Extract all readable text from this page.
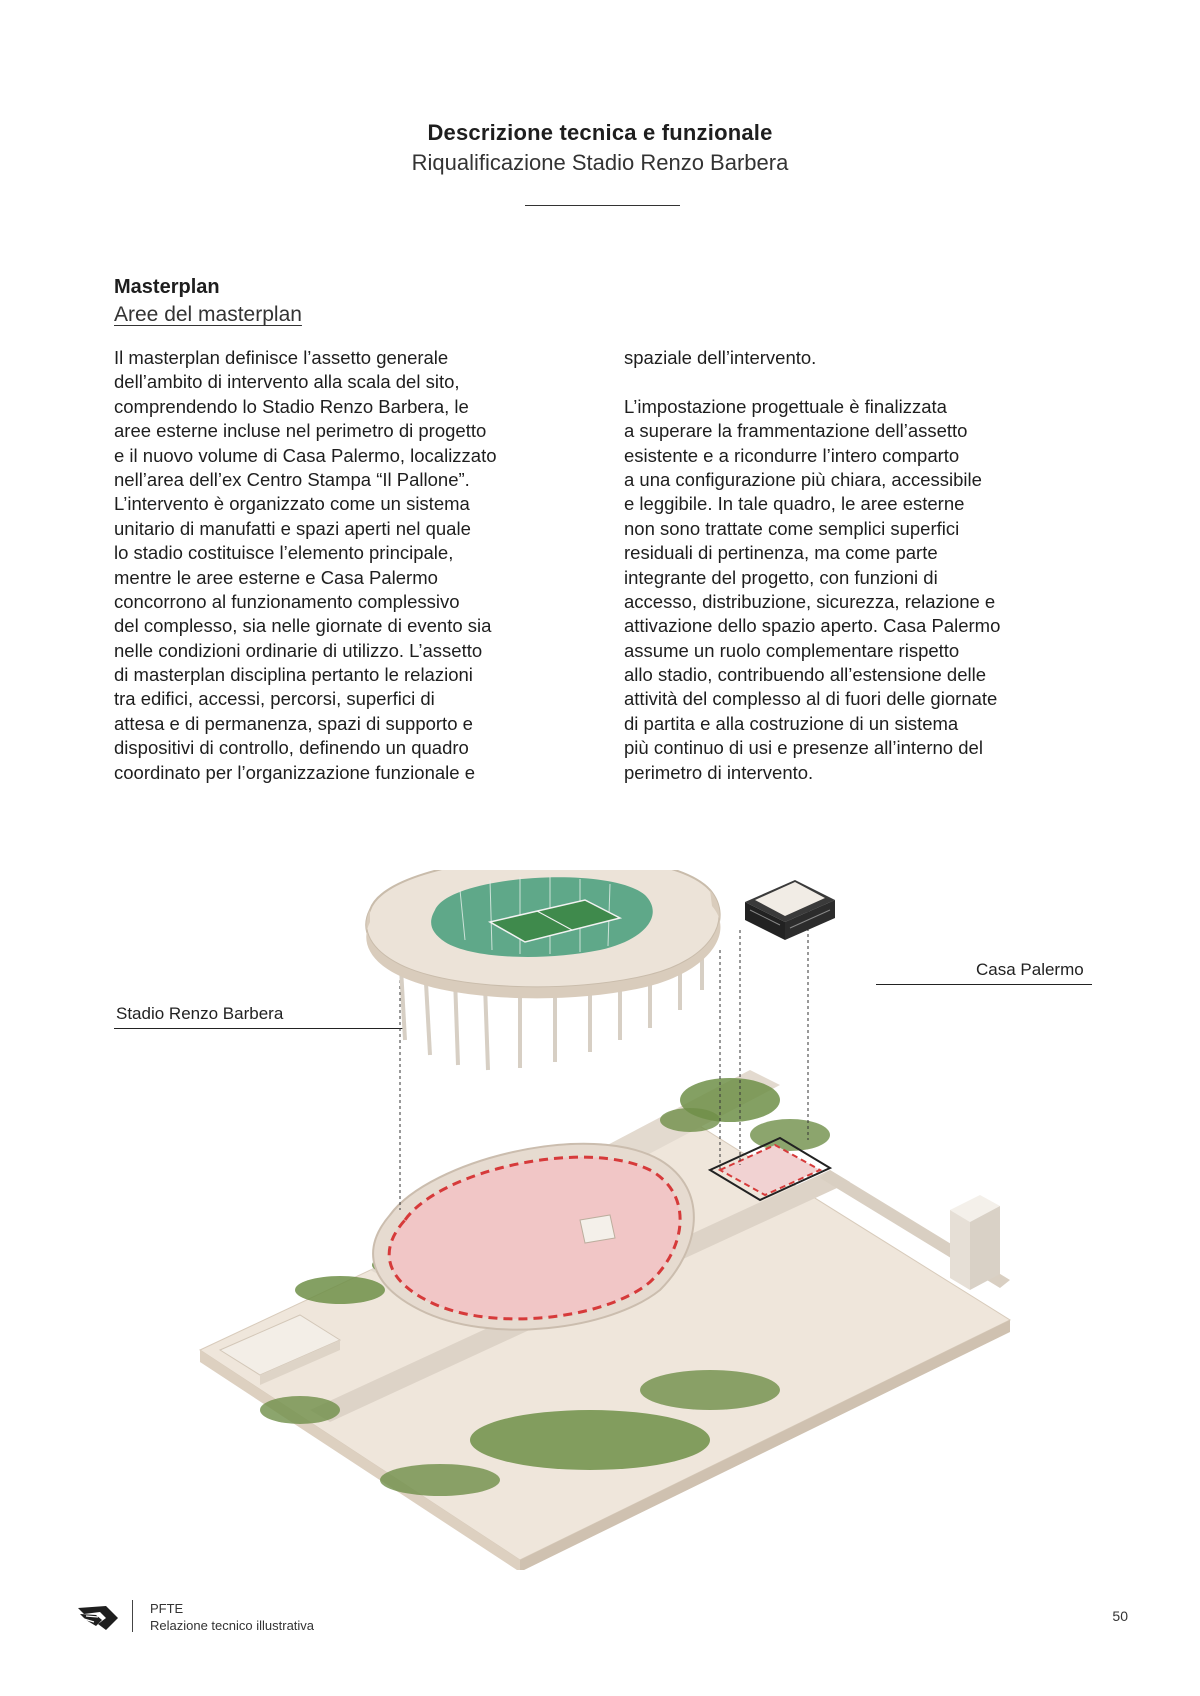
Descrizione tecnica e funzionale
Riqualificazione Stadio Renzo Barbera
Masterplan
Aree del masterplan
Il masterplan definisce l’assetto generale
dell’ambito di intervento alla scala del sito,
comprendendo lo Stadio Renzo Barbera, le
aree esterne incluse nel perimetro di progetto
e il nuovo volume di Casa Palermo, localizzato
nell’area dell’ex Centro Stampa “Il Pallone”.
L’intervento è organizzato come un sistema
unitario di manufatti e spazi aperti nel quale
lo stadio costituisce l’elemento principale,
mentre le aree esterne e Casa Palermo
concorrono al funzionamento complessivo
del complesso, sia nelle giornate di evento sia
nelle condizioni ordinarie di utilizzo. L’assetto
di masterplan disciplina pertanto le relazioni
tra edifici, accessi, percorsi, superfici di
attesa e di permanenza, spazi di supporto e
dispositivi di controllo, definendo un quadro
coordinato per l’organizzazione funzionale e
spaziale dell’intervento.
L’impostazione progettuale è finalizzata
a superare la frammentazione dell’assetto
esistente e a ricondurre l’intero comparto
a una configurazione più chiara, accessibile
e leggibile. In tale quadro, le aree esterne
non sono trattate come semplici superfici
residuali di pertinenza, ma come parte
integrante del progetto, con funzioni di
accesso, distribuzione, sicurezza, relazione e
attivazione dello spazio aperto. Casa Palermo
assume un ruolo complementare rispetto
allo stadio, contribuendo all’estensione delle
attività del complesso al di fuori delle giornate
di partita e alla costruzione di un sistema
più continuo di usi e presenze all’interno del
perimetro di intervento.
Stadio Renzo Barbera
Casa Palermo
PFTE
Relazione tecnico illustrativa
50
